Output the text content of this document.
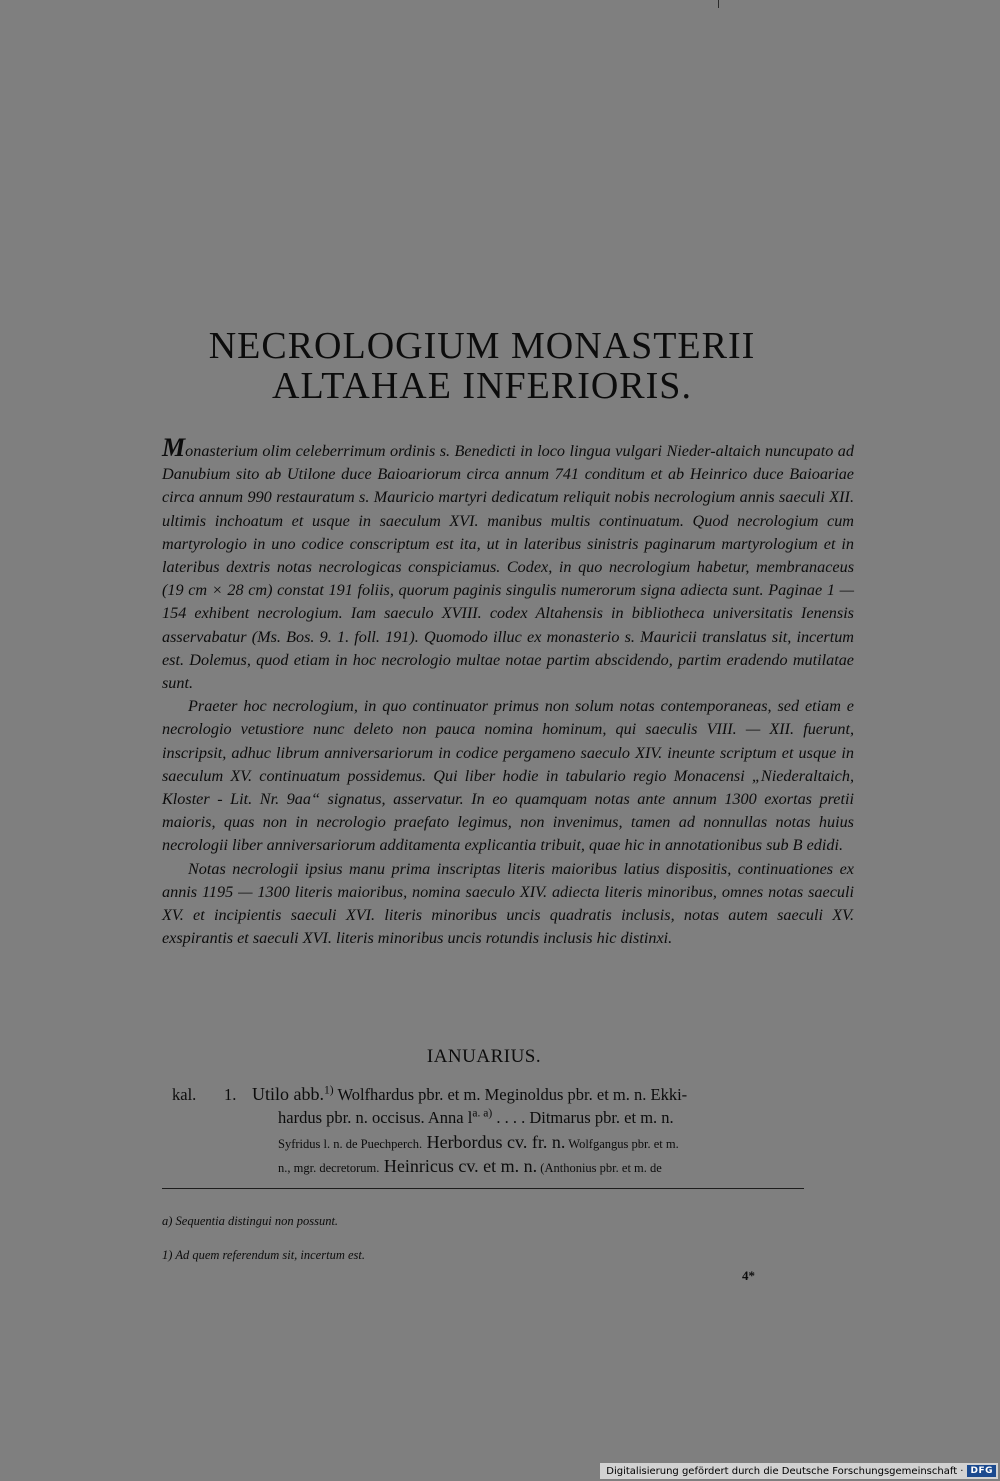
NECROLOGIUM MONASTERII
ALTAHAE INFERIORIS.

Monasterium olim celeberrimum ordinis s. Benedicti in loco lingua vulgari Nieder-altaich nuncupato ad Danubium sito ab Utilone duce Baioariorum circa annum 741 conditum et ab Heinrico duce Baioariae circa annum 990 restauratum s. Mauricio martyri dedicatum reliquit nobis necrologium annis saeculi XII. ultimis inchoatum et usque in saeculum XVI. manibus multis continuatum. Quod necrologium cum martyrologio in uno codice conscriptum est ita, ut in lateribus sinistris paginarum martyrologium et in lateribus dextris notas necrologicas conspiciamus. Codex, in quo necrologium habetur, membranaceus (19 cm × 28 cm) constat 191 foliis, quorum paginis singulis numerorum signa adiecta sunt. Paginae 1 — 154 exhibent necrologium. Iam saeculo XVIII. codex Altahensis in bibliotheca universitatis Ienensis asservabatur (Ms. Bos. 9. 1. foll. 191). Quomodo illuc ex monasterio s. Mauricii translatus sit, incertum est. Dolemus, quod etiam in hoc necrologio multae notae partim abscidendo, partim eradendo mutilatae sunt.

Praeter hoc necrologium, in quo continuator primus non solum notas contemporaneas, sed etiam e necrologio vetustiore nunc deleto non pauca nomina hominum, qui saeculis VIII. — XII. fuerunt, inscripsit, adhuc librum anniversariorum in codice pergameno saeculo XIV. ineunte scriptum et usque in saeculum XV. continuatum possidemus. Qui liber hodie in tabulario regio Monacensi „Niederaltaich, Kloster - Lit. Nr. 9aa“ signatus, asservatur. In eo quamquam notas ante annum 1300 exortas pretii maioris, quas non in necrologio praefato legimus, non invenimus, tamen ad nonnullas notas huius necrologii liber anniversariorum additamenta explicantia tribuit, quae hic in annotationibus sub B edidi.

Notas necrologii ipsius manu prima inscriptas literis maioribus latius dispositis, continuationes ex annis 1195 — 1300 literis maioribus, nomina saeculo XIV. adiecta literis minoribus, omnes notas saeculi XV. et incipientis saeculi XVI. literis minoribus uncis quadratis inclusis, notas autem saeculi XV. exspirantis et saeculi XVI. literis minoribus uncis rotundis inclusis hic distinxi.

IANUARIUS.

kal. 1. Utilo abb.$^{1)}$ Wolfhardus pbr. et m. Meginoldus pbr. et m. n. Ekki-

hardus pbr. n. occisus. Anna $l^{a. a)}$ . . . . Ditmarus pbr. et m. n.

Syfridus l. n. de Puechperch. Herbordus cv. fr. n. Wolfgangus pbr. et m.

n., mgr. decretorum. Heinricus cv. et m. n. (Anthonius pbr. et m. de

a) Sequentia distingui non possunt.

1) Ad quem referendum sit, incertum est.

4*
Digitalisierung gefördert durch die Deutsche Forschungsgemeinschaft · DFG
